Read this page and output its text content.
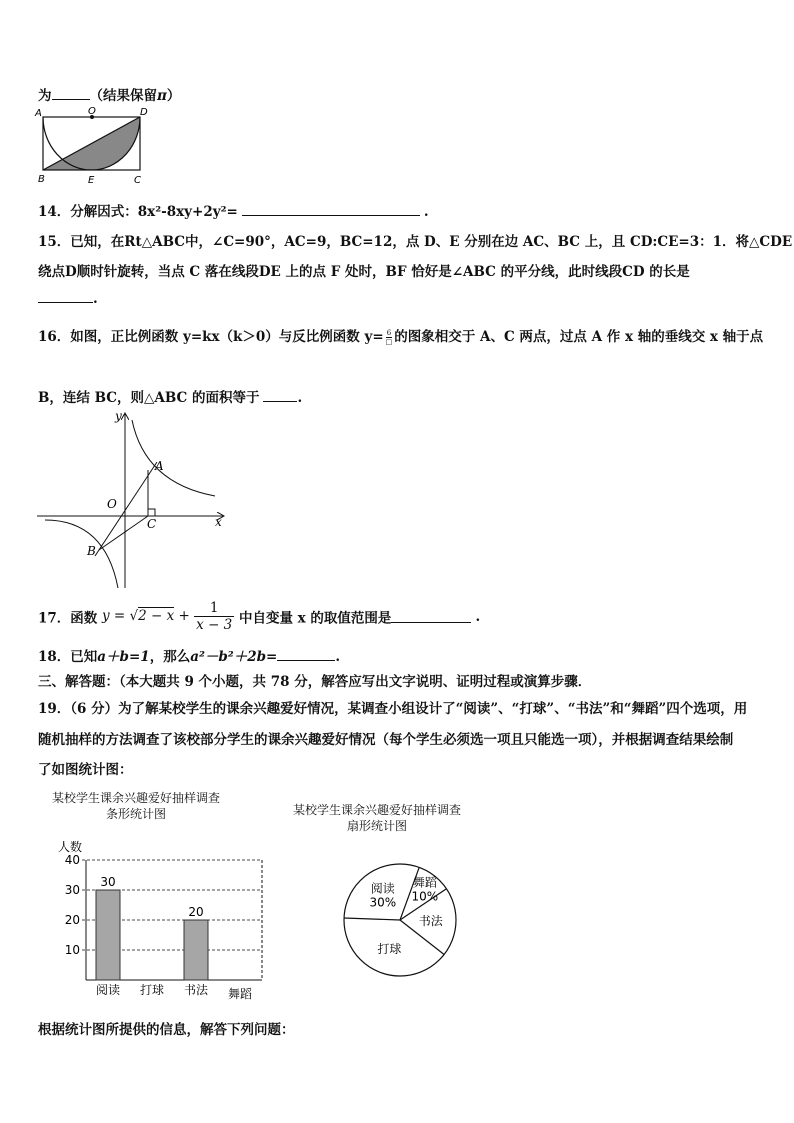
为	（结果保留π）
A	O	D
B	E	C
14．分解因式：8x²-8xy+2y²=	.
15．已知，在Rt△ABC中，∠C=90°，AC=9，BC=12，点 D、E 分别在边 AC、BC 上，且 CD:CE=3：1．将△CDE
绕点D顺时针旋转，当点 C 落在线段DE 上的点 F 处时，BF 恰好是∠ABC 的平分线，此时线段CD 的长是
.
16．如图，正比例函数 y=kx（k＞0）与反比例函数 y= 6
□ 的图象相交于 A、C 两点，过点 A 作 x 轴的垂线交 x 轴于点
B，连结 BC，则△ABC 的面积等于	.
y
x
A
O
C
B
17．函数 $y = √2 - x + \frac{1}{x - 3}$ 中自变量 x 的取值范围是	.
18．已知a＋b=1，那么a²－b²＋2b=	.
三、解答题：（本大题共 9 个小题，共 78 分，解答应写出文字说明、证明过程或演算步骤．
19．（6 分）为了解某校学生的课余兴趣爱好情况，某调查小组设计了“阅读”、“打球”、“书法”和“舞蹈”四个选项，用
随机抽样的方法调查了该校部分学生的课余兴趣爱好情况（每个学生必须选一项且只能选一项），并根据调查结果绘制
了如图统计图：
某校学生课余兴趣爱好抽样调查
条形统计图
人数
10
20
30
40
30
阅读 打球
20
书法 舞蹈
某校学生课余兴趣爱好抽样调查
扇形统计图
阅读
30%
舞蹈
10%
书法
打球
根据统计图所提供的信息，解答下列问题：
